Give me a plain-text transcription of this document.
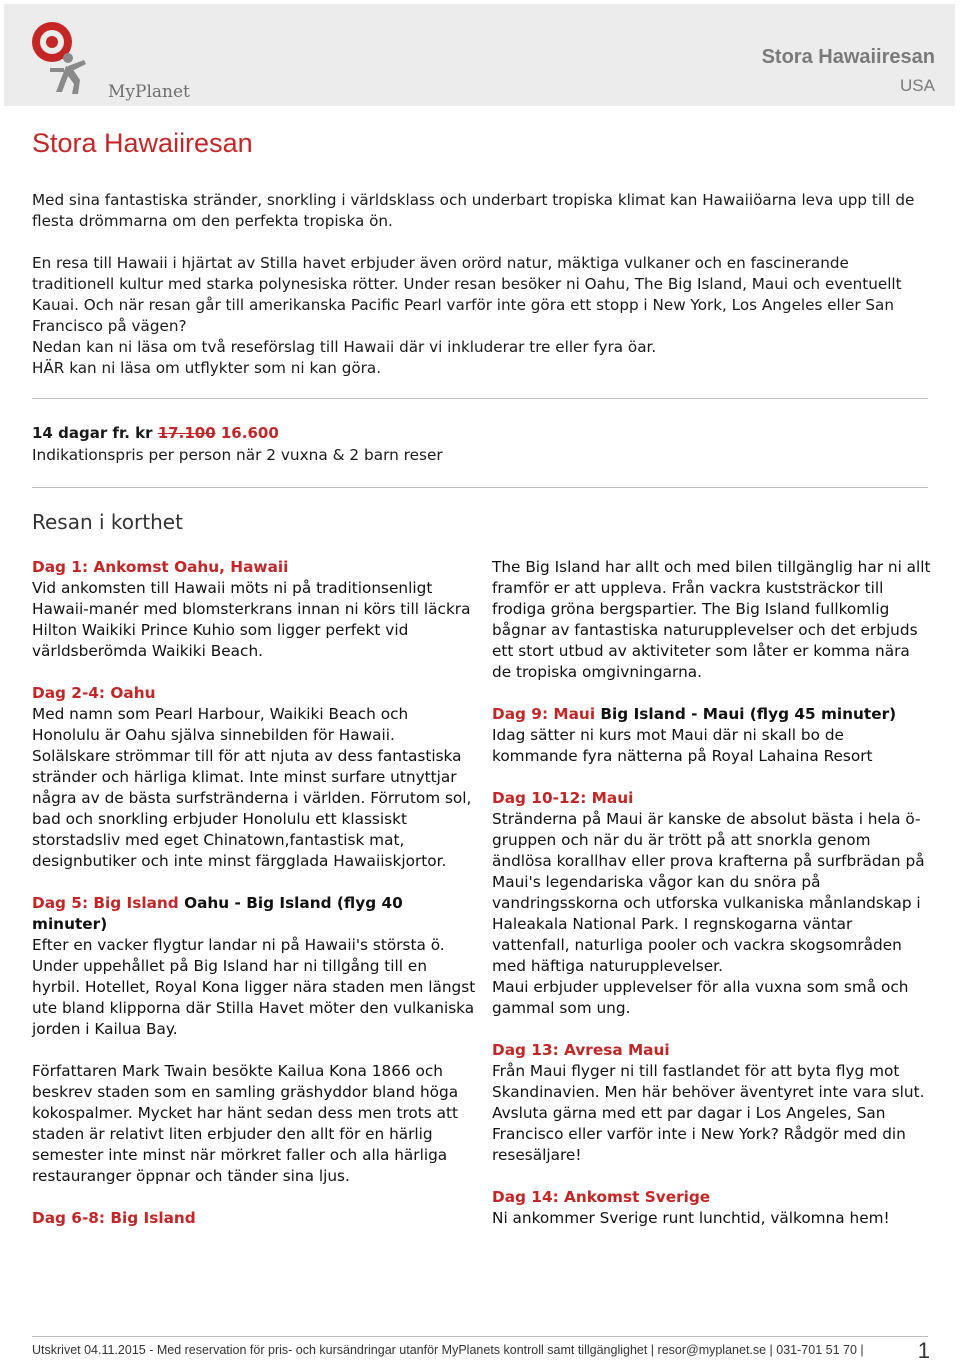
MyPlanet
Stora Hawaiiresan
USA
Stora Hawaiiresan

Med sina fantastiska stränder, snorkling i världsklass och underbart tropiska klimat kan Hawaiiöarna leva upp till de flesta drömmarna om den perfekta tropiska ön.

En resa till Hawaii i hjärtat av Stilla havet erbjuder även orörd natur, mäktiga vulkaner och en fascinerande traditionell kultur med starka polynesiska rötter. Under resan besöker ni Oahu, The Big Island, Maui och eventuellt Kauai. Och när resan går till amerikanska Pacific Pearl varför inte göra ett stopp i New York, Los Angeles eller San Francisco på vägen?

Nedan kan ni läsa om två reseförslag till Hawaii där vi inkluderar tre eller fyra öar.

HÄR kan ni läsa om utflykter som ni kan göra.

14 dagar fr. kr 17.100 16.600
Indikationspris per person när 2 vuxna & 2 barn reser
Resan i korthet
Dag 1: Ankomst Oahu, Hawaii
Vid ankomsten till Hawaii möts ni på traditionsenligt Hawaii-manér med blomsterkrans innan ni körs till läckra Hilton Waikiki Prince Kuhio som ligger perfekt vid världsberömda Waikiki Beach.
Dag 2-4: Oahu
Med namn som Pearl Harbour, Waikiki Beach och Honolulu är Oahu själva sinnebilden för Hawaii. Solälskare strömmar till för att njuta av dess fantastiska stränder och härliga klimat. Inte minst surfare utnyttjar några av de bästa surfstränderna i världen. Förrutom sol, bad och snorkling erbjuder Honolulu ett klassiskt storstadsliv med eget Chinatown,fantastisk mat, designbutiker och inte minst färgglada Hawaiiskjortor.
Dag 5: Big Island Oahu - Big Island (flyg 40 minuter)
Efter en vacker flygtur landar ni på Hawaii's största ö. Under uppehållet på Big Island har ni tillgång till en hyrbil. Hotellet, Royal Kona ligger nära staden men längst ute bland klipporna där Stilla Havet möter den vulkaniska jorden i Kailua Bay.
Författaren Mark Twain besökte Kailua Kona 1866 och beskrev staden som en samling gräshyddor bland höga kokospalmer. Mycket har hänt sedan dess men trots att staden är relativt liten erbjuder den allt för en härlig semester inte minst när mörkret faller och alla härliga restauranger öppnar och tänder sina ljus.
Dag 6-8: Big Island
The Big Island har allt och med bilen tillgänglig har ni allt framför er att uppleva. Från vackra kuststräckor till frodiga gröna bergspartier. The Big Island fullkomlig bågnar av fantastiska naturupplevelser och det erbjuds ett stort utbud av aktiviteter som låter er komma nära de tropiska omgivningarna.
Dag 9: Maui Big Island - Maui (flyg 45 minuter)
Idag sätter ni kurs mot Maui där ni skall bo de kommande fyra nätterna på Royal Lahaina Resort
Dag 10-12: Maui
Stränderna på Maui är kanske de absolut bästa i hela ö-gruppen och när du är trött på att snorkla genom ändlösa korallhav eller prova krafterna på surfbrädan på Maui's legendariska vågor kan du snöra på vandringsskorna och utforska vulkaniska månlandskap i Haleakala National Park. I regnskogarna väntar vattenfall, naturliga pooler och vackra skogsområden med häftiga naturupplevelser.
Maui erbjuder upplevelser för alla vuxna som små och gammal som ung.
Dag 13: Avresa Maui
Från Maui flyger ni till fastlandet för att byta flyg mot Skandinavien. Men här behöver äventyret inte vara slut. Avsluta gärna med ett par dagar i Los Angeles, San Francisco eller varför inte i New York? Rådgör med din resesäljare!
Dag 14: Ankomst Sverige
Ni ankommer Sverige runt lunchtid, välkomna hem!
Utskrivet 04.11.2015 - Med reservation för pris- och kursändringar utanför MyPlanets kontroll samt tillgänglighet | resor@myplanet.se | 031-701 51 70 | 1
